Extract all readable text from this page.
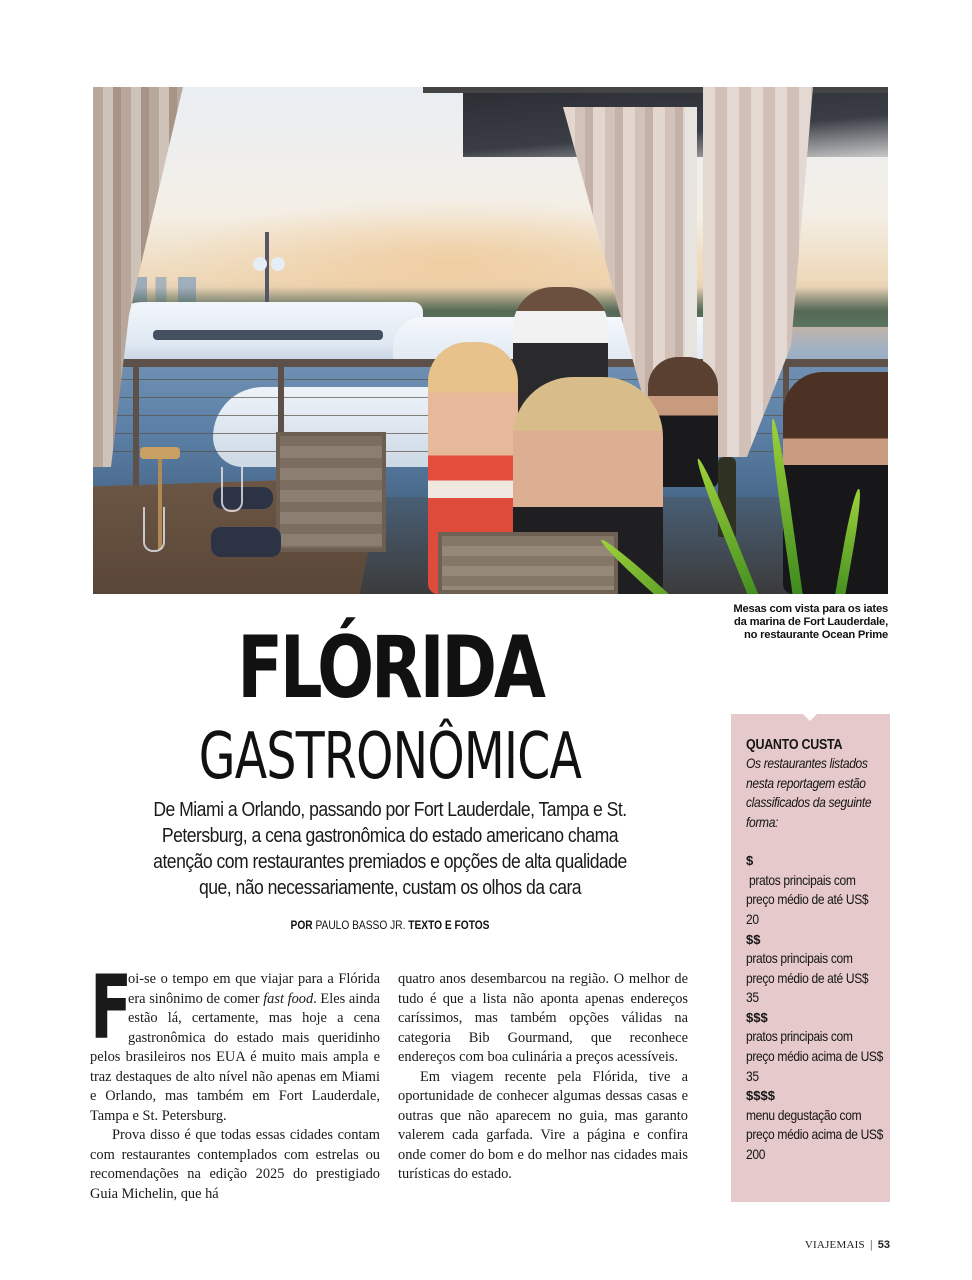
Mesas com vista para os iates
da marina de Fort Lauderdale,
no restaurante Ocean Prime
FLÓRIDA
GASTRONÔMICA

De Miami a Orlando, passando por Fort Lauderdale, Tampa e St. Petersburg, a cena gastronômica do estado americano chama atenção com restaurantes premiados e opções de alta qualidade que, não necessariamente, custam os olhos da cara

POR PAULO BASSO JR. TEXTO E FOTOS

F
oi-se o tempo em que viajar para a Flórida era sinônimo de comer fast food. Eles ainda estão lá, certamente, mas hoje a cena gastronômica do estado mais queridinho pelos brasileiros nos EUA é muito mais ampla e traz destaques de alto nível não apenas em Miami e Orlando, mas também em Fort Lauderdale, Tampa e St. Petersburg.

Prova disso é que todas essas cidades contam com restaurantes contemplados com estrelas ou recomendações na edição 2025 do prestigiado Guia Michelin, que há

quatro anos desembarcou na região. O melhor de tudo é que a lista não aponta apenas endereços caríssimos, mas também opções válidas na categoria Bib Gourmand, que reconhece endereços com boa culinária a preços acessíveis.

Em viagem recente pela Flórida, tive a oportunidade de conhecer algumas dessas casas e outras que não aparecem no guia, mas garanto valerem cada garfada. Vire a página e confira onde comer do bom e do melhor nas cidades mais turísticas do estado.

QUANTO CUSTA
Os restaurantes listados nesta reportagem estão classificados da seguinte forma:
$
pratos principais com preço médio de até US$ 20
$$
pratos principais com preço médio de até US$ 35
$$$
pratos principais com preço médio acima de US$ 35
$$$$
menu degustação com preço médio acima de US$ 200
VIAJEMAIS | 53
